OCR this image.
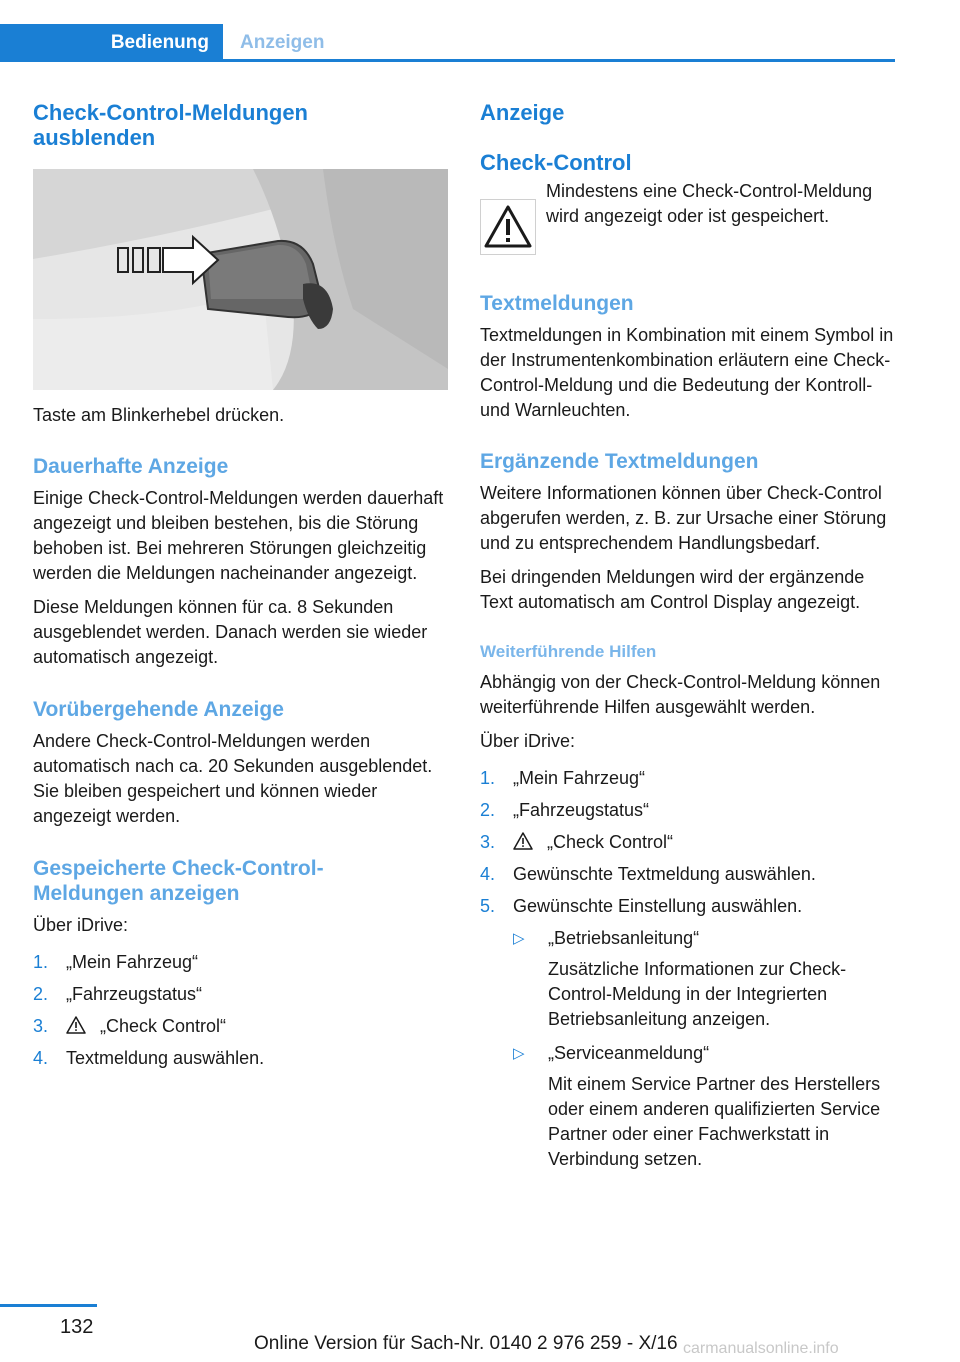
Bedienung	Anzeigen
Check-Control-Meldungen ausblenden

Taste am Blinkerhebel drücken.

Dauerhafte Anzeige

Einige Check-Control-Meldungen werden dauerhaft angezeigt und bleiben bestehen, bis die Störung behoben ist. Bei mehreren Störungen gleichzeitig werden die Meldungen nacheinander angezeigt.

Diese Meldungen können für ca. 8 Sekunden ausgeblendet werden. Danach werden sie wieder automatisch angezeigt.

Vorübergehende Anzeige

Andere Check-Control-Meldungen werden automatisch nach ca. 20 Sekunden ausgeblendet. Sie bleiben gespeichert und können wieder angezeigt werden.

Gespeicherte Check-Control-Meldungen anzeigen

Über iDrive:

1. „Mein Fahrzeug“
2. „Fahrzeugstatus“
3.	„Check Control“
4. Textmeldung auswählen.
Anzeige
Check-Control

Mindestens eine Check-Control-Meldung wird angezeigt oder ist gespeichert.

Textmeldungen

Textmeldungen in Kombination mit einem Symbol in der Instrumentenkombination erläutern eine Check-Control-Meldung und die Bedeutung der Kontroll- und Warnleuchten.

Ergänzende Textmeldungen

Weitere Informationen können über Check-Control abgerufen werden, z. B. zur Ursache einer Störung und zu entsprechendem Handlungsbedarf.

Bei dringenden Meldungen wird der ergänzende Text automatisch am Control Display angezeigt.

Weiterführende Hilfen

Abhängig von der Check-Control-Meldung können weiterführende Hilfen ausgewählt werden.

Über iDrive:

1. „Mein Fahrzeug“
2. „Fahrzeugstatus“
3.	„Check Control“
4. Gewünschte Textmeldung auswählen.
5. Gewünschte Einstellung auswählen.
▷ „Betriebsanleitung“

Zusätzliche Informationen zur Check-Control-Meldung in der Integrierten Betriebsanleitung anzeigen.

▷ „Serviceanmeldung“

Mit einem Service Partner des Herstellers oder einem anderen qualifizierten Service Partner oder einer Fachwerkstatt in Verbindung setzen.

132
Online Version für Sach-Nr. 0140 2 976 259 - X/16 carmanualsonline.info
